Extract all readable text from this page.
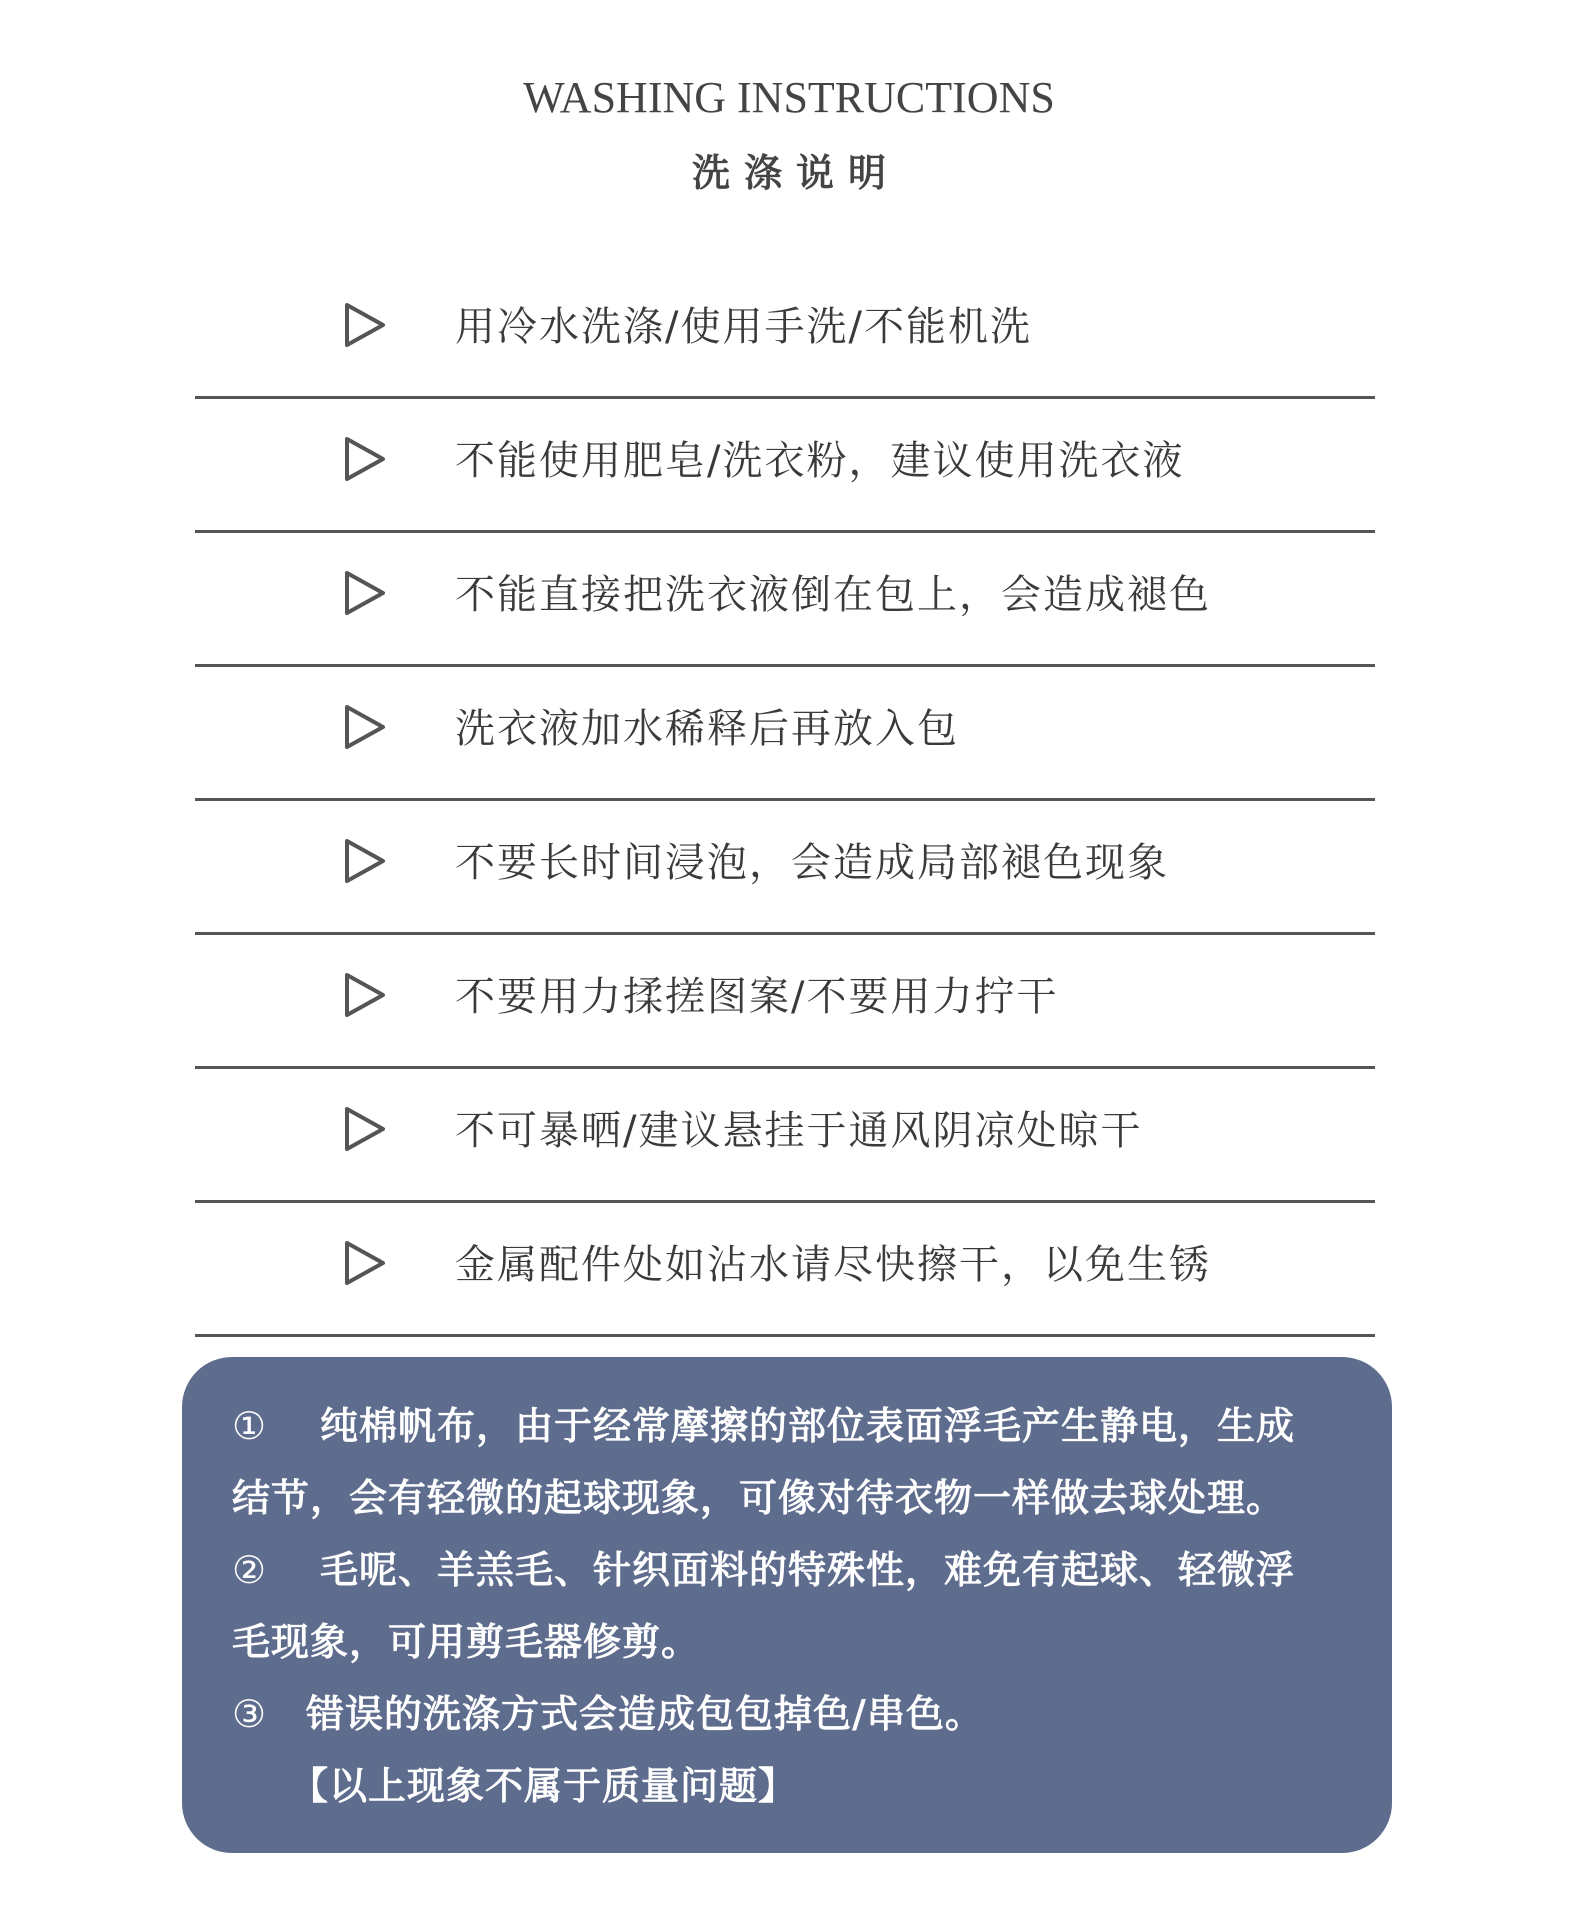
WASHING INSTRUCTIONS
洗涤说明
用冷水洗涤/使用手洗/不能机洗
不能使用肥皂/洗衣粉，建议使用洗衣液
不能直接把洗衣液倒在包上，会造成褪色
洗衣液加水稀释后再放入包
不要长时间浸泡，会造成局部褪色现象
不要用力揉搓图案/不要用力拧干
不可暴晒/建议悬挂于通风阴凉处晾干
金属配件处如沾水请尽快擦干，以免生锈
① 纯棉帆布，由于经常摩擦的部位表面浮毛产生静电，生成
结节，会有轻微的起球现象，可像对待衣物一样做去球处理。
② 毛呢、羊羔毛、针织面料的特殊性，难免有起球、轻微浮
毛现象，可用剪毛器修剪。
③ 错误的洗涤方式会造成包包掉色/串色。
【以上现象不属于质量问题】
